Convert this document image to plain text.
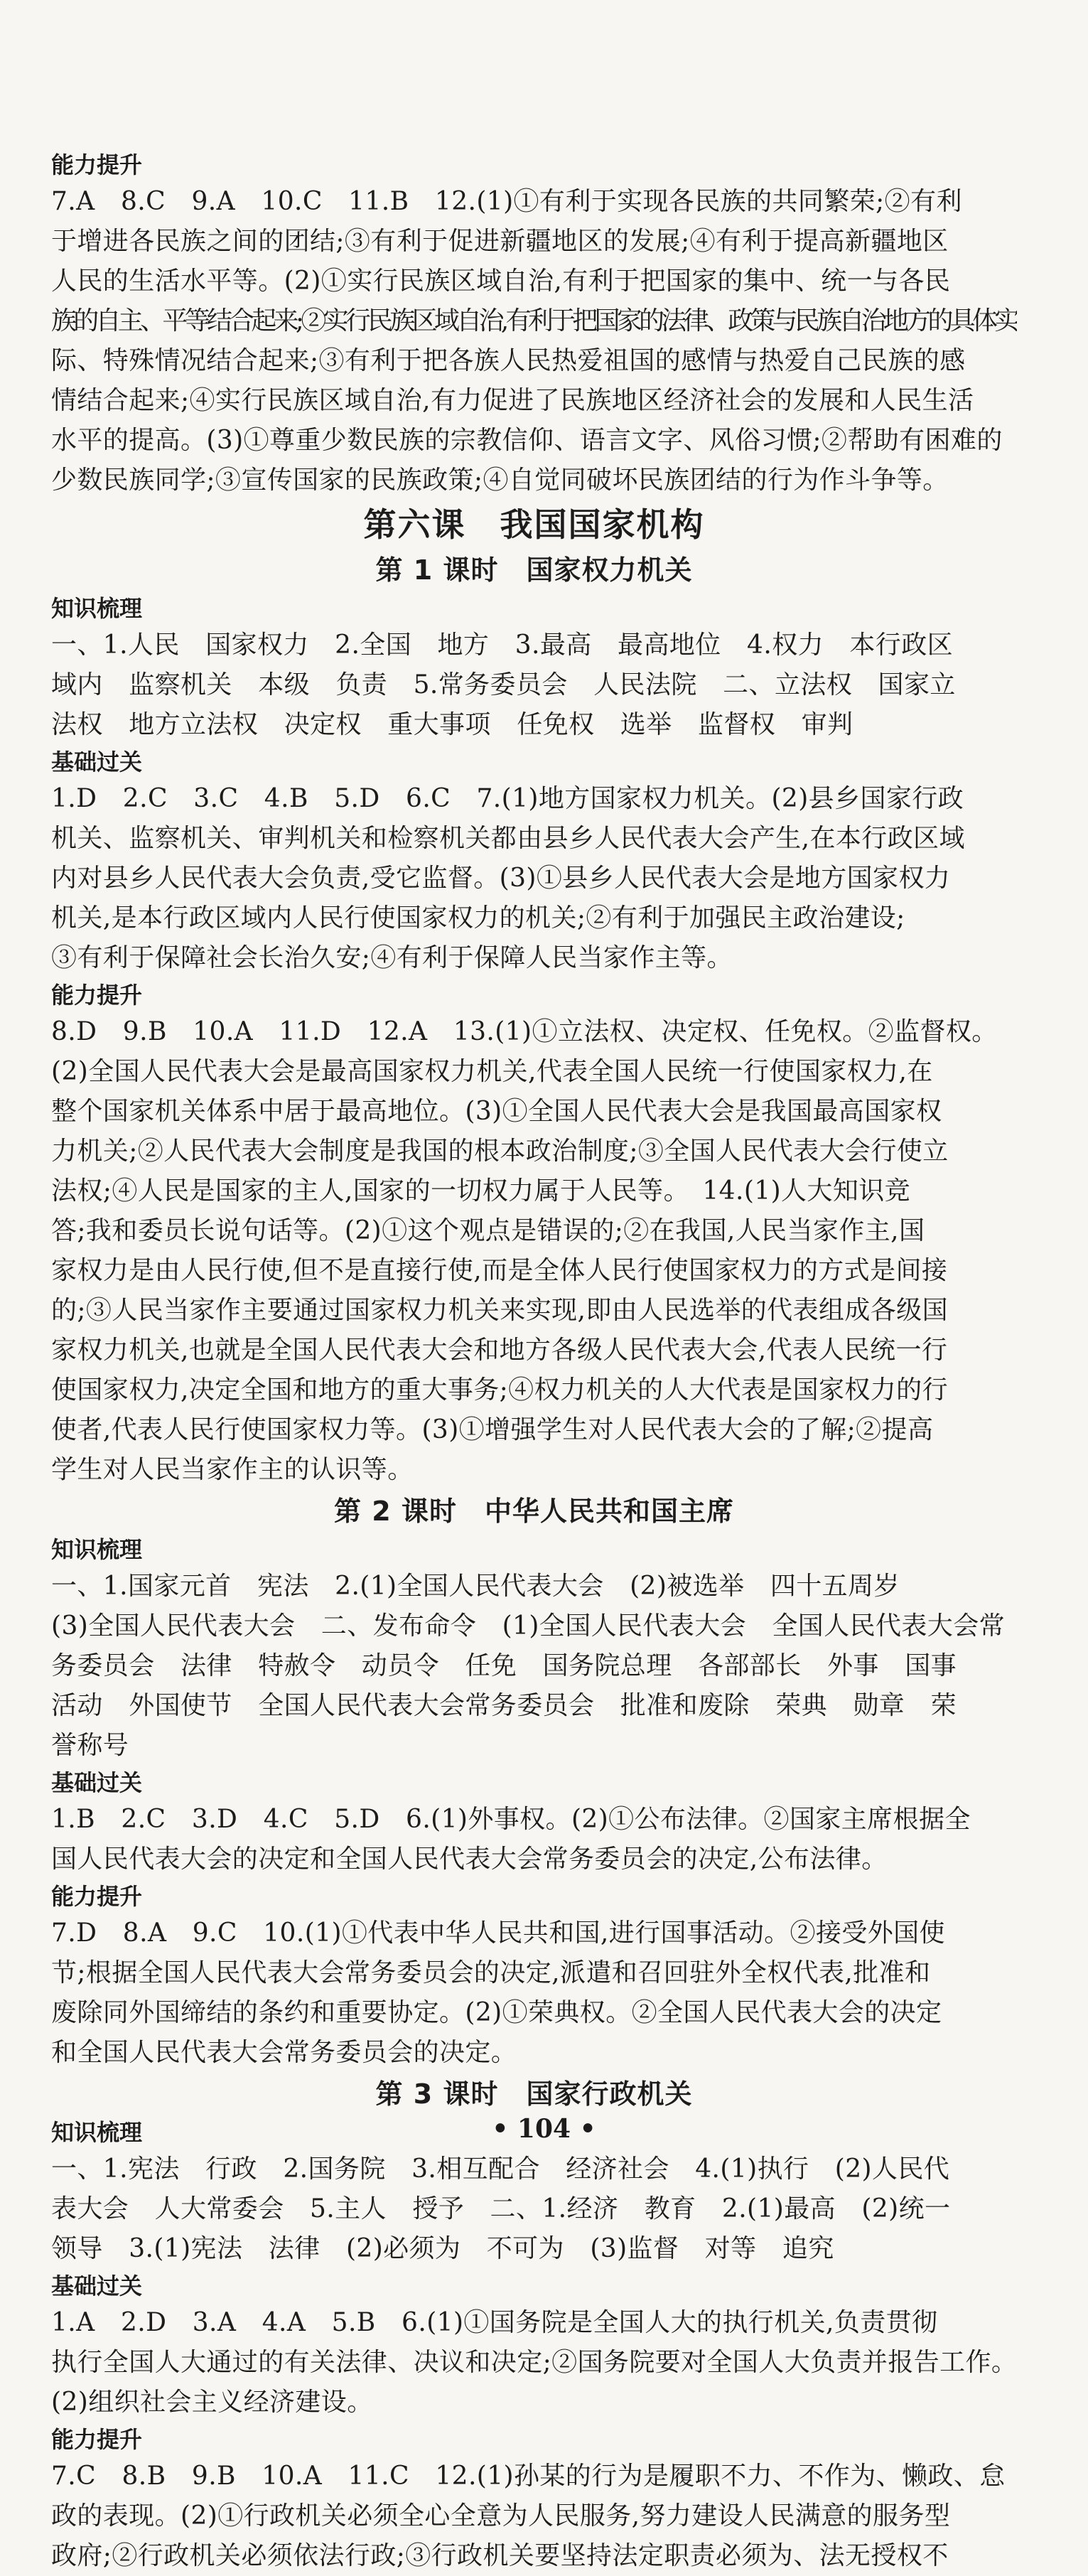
能力提升
7.A　8.C　9.A　10.C　11.B　12.(1)①有利于实现各民族的共同繁荣;②有利
于增进各民族之间的团结;③有利于促进新疆地区的发展;④有利于提高新疆地区
人民的生活水平等。(2)①实行民族区域自治,有利于把国家的集中、统一与各民
族的自主、平等结合起来;②实行民族区域自治,有利于把国家的法律、政策与民族自治地方的具体实
际、特殊情况结合起来;③有利于把各族人民热爱祖国的感情与热爱自己民族的感
情结合起来;④实行民族区域自治,有力促进了民族地区经济社会的发展和人民生活
水平的提高。(3)①尊重少数民族的宗教信仰、语言文字、风俗习惯;②帮助有困难的
少数民族同学;③宣传国家的民族政策;④自觉同破坏民族团结的行为作斗争等。
第六课　我国国家机构
第 1 课时　国家权力机关
知识梳理
一、1.人民　国家权力　2.全国　地方　3.最高　最高地位　4.权力　本行政区
域内　监察机关　本级　负责　5.常务委员会　人民法院　二、立法权　国家立
法权　地方立法权　决定权　重大事项　任免权　选举　监督权　审判
基础过关
1.D　2.C　3.C　4.B　5.D　6.C　7.(1)地方国家权力机关。(2)县乡国家行政
机关、监察机关、审判机关和检察机关都由县乡人民代表大会产生,在本行政区域
内对县乡人民代表大会负责,受它监督。(3)①县乡人民代表大会是地方国家权力
机关,是本行政区域内人民行使国家权力的机关;②有利于加强民主政治建设;
③有利于保障社会长治久安;④有利于保障人民当家作主等。
能力提升
8.D　9.B　10.A　11.D　12.A　13.(1)①立法权、决定权、任免权。②监督权。
(2)全国人民代表大会是最高国家权力机关,代表全国人民统一行使国家权力,在
整个国家机关体系中居于最高地位。(3)①全国人民代表大会是我国最高国家权
力机关;②人民代表大会制度是我国的根本政治制度;③全国人民代表大会行使立
法权;④人民是国家的主人,国家的一切权力属于人民等。　14.(1)人大知识竞
答;我和委员长说句话等。(2)①这个观点是错误的;②在我国,人民当家作主,国
家权力是由人民行使,但不是直接行使,而是全体人民行使国家权力的方式是间接
的;③人民当家作主要通过国家权力机关来实现,即由人民选举的代表组成各级国
家权力机关,也就是全国人民代表大会和地方各级人民代表大会,代表人民统一行
使国家权力,决定全国和地方的重大事务;④权力机关的人大代表是国家权力的行
使者,代表人民行使国家权力等。(3)①增强学生对人民代表大会的了解;②提高
学生对人民当家作主的认识等。
第 2 课时　中华人民共和国主席
知识梳理
一、1.国家元首　宪法　2.(1)全国人民代表大会　(2)被选举　四十五周岁
(3)全国人民代表大会　二、发布命令　(1)全国人民代表大会　全国人民代表大会常
务委员会　法律　特赦令　动员令　任免　国务院总理　各部部长　外事　国事
活动　外国使节　全国人民代表大会常务委员会　批准和废除　荣典　勋章　荣
誉称号
基础过关
1.B　2.C　3.D　4.C　5.D　6.(1)外事权。(2)①公布法律。②国家主席根据全
国人民代表大会的决定和全国人民代表大会常务委员会的决定,公布法律。
能力提升
7.D　8.A　9.C　10.(1)①代表中华人民共和国,进行国事活动。②接受外国使
节;根据全国人民代表大会常务委员会的决定,派遣和召回驻外全权代表,批准和
废除同外国缔结的条约和重要协定。(2)①荣典权。②全国人民代表大会的决定
和全国人民代表大会常务委员会的决定。
第 3 课时　国家行政机关
知识梳理
一、1.宪法　行政　2.国务院　3.相互配合　经济社会　4.(1)执行　(2)人民代
表大会　人大常委会　5.主人　授予　二、1.经济　教育　2.(1)最高　(2)统一
领导　3.(1)宪法　法律　(2)必须为　不可为　(3)监督　对等　追究
基础过关
1.A　2.D　3.A　4.A　5.B　6.(1)①国务院是全国人大的执行机关,负责贯彻
执行全国人大通过的有关法律、决议和决定;②国务院要对全国人大负责并报告工作。
(2)组织社会主义经济建设。
能力提升
7.C　8.B　9.B　10.A　11.C　12.(1)孙某的行为是履职不力、不作为、懒政、怠
政的表现。(2)①行政机关必须全心全意为人民服务,努力建设人民满意的服务型
政府;②行政机关必须依法行政;③行政机关要坚持法定职责必须为、法无授权不
• 104 •
